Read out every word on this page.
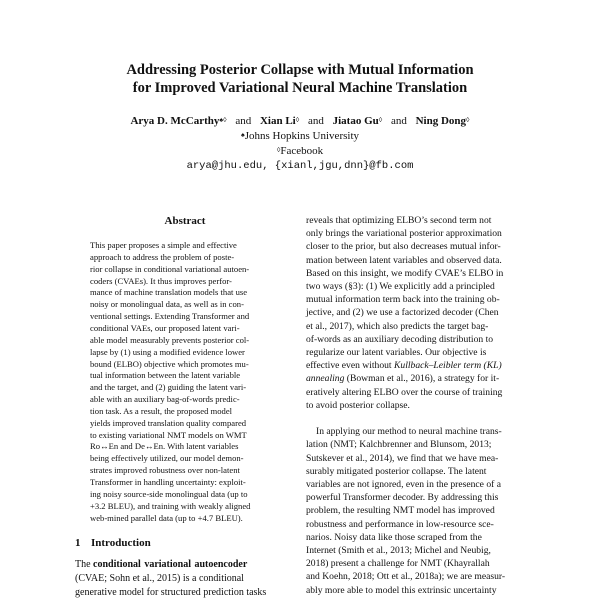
Addressing Posterior Collapse with Mutual Information
for Improved Variational Neural Machine Translation
Arya D. McCarthy♠◊ and Xian Li◊ and Jiatao Gu◊ and Ning Dong◊
♠Johns Hopkins University
◊Facebook
arya@jhu.edu, {xianl,jgu,dnn}@fb.com
Abstract
This paper proposes a simple and effective
approach to address the problem of poste-
rior collapse in conditional variational autoen-
coders (CVAEs). It thus improves perfor-
mance of machine translation models that use
noisy or monolingual data, as well as in con-
ventional settings. Extending Transformer and
conditional VAEs, our proposed latent vari-
able model measurably prevents posterior col-
lapse by (1) using a modified evidence lower
bound (ELBO) objective which promotes mu-
tual information between the latent variable
and the target, and (2) guiding the latent vari-
able with an auxiliary bag-of-words predic-
tion task. As a result, the proposed model
yields improved translation quality compared
to existing variational NMT models on WMT
Ro↔En and De↔En. With latent variables
being effectively utilized, our model demon-
strates improved robustness over non-latent
Transformer in handling uncertainty: exploit-
ing noisy source-side monolingual data (up to
+3.2 BLEU), and training with weakly aligned
web-mined parallel data (up to +4.7 BLEU).
1 Introduction
The conditional variational autoencoder
(CVAE; Sohn et al., 2015) is a conditional
generative model for structured prediction tasks
reveals that optimizing ELBO’s second term not
only brings the variational posterior approximation
closer to the prior, but also decreases mutual infor-
mation between latent variables and observed data.
Based on this insight, we modify CVAE’s ELBO in
two ways (§3): (1) We explicitly add a principled
mutual information term back into the training ob-
jective, and (2) we use a factorized decoder (Chen
et al., 2017), which also predicts the target bag-
of-words as an auxiliary decoding distribution to
regularize our latent variables. Our objective is
effective even without Kullback–Leibler term (KL)
annealing (Bowman et al., 2016), a strategy for it-
eratively altering ELBO over the course of training
to avoid posterior collapse.
In applying our method to neural machine trans-
lation (NMT; Kalchbrenner and Blunsom, 2013;
Sutskever et al., 2014), we find that we have mea-
surably mitigated posterior collapse. The latent
variables are not ignored, even in the presence of a
powerful Transformer decoder. By addressing this
problem, the resulting NMT model has improved
robustness and performance in low-resource sce-
narios. Noisy data like those scraped from the
Internet (Smith et al., 2013; Michel and Neubig,
2018) present a challenge for NMT (Khayrallah
and Koehn, 2018; Ott et al., 2018a); we are measur-
ably more able to model this extrinsic uncertainty
